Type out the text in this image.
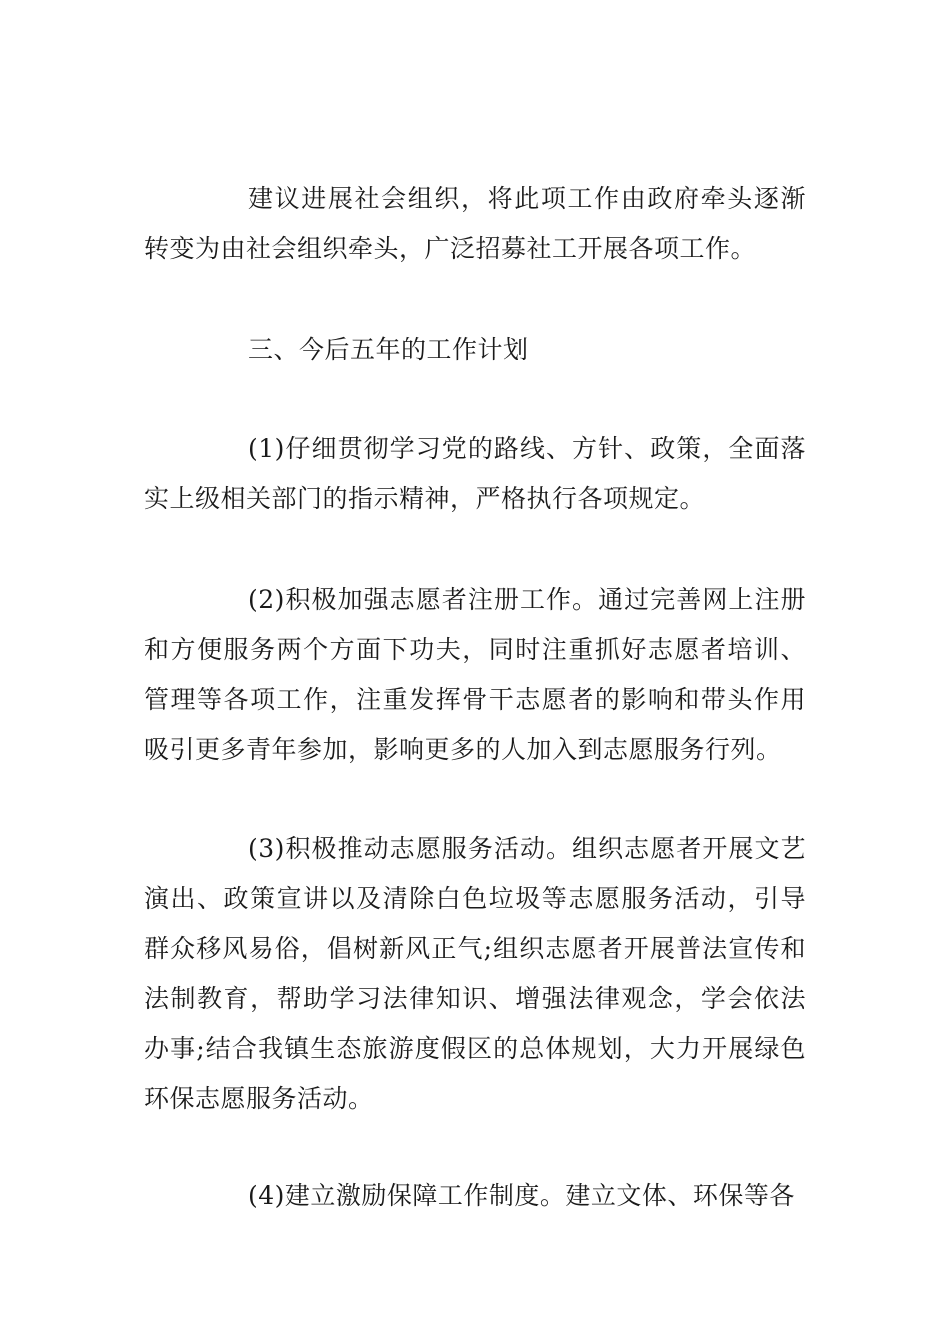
建议进展社会组织，将此项工作由政府牵头逐渐转变为由社会组织牵头，广泛招募社工开展各项工作。

三、今后五年的工作计划

(1)仔细贯彻学习党的路线、方针、政策，全面落实上级相关部门的指示精神，严格执行各项规定。

(2)积极加强志愿者注册工作。通过完善网上注册和方便服务两个方面下功夫，同时注重抓好志愿者培训、管理等各项工作，注重发挥骨干志愿者的影响和带头作用吸引更多青年参加，影响更多的人加入到志愿服务行列。

(3)积极推动志愿服务活动。组织志愿者开展文艺演出、政策宣讲以及清除白色垃圾等志愿服务活动，引导群众移风易俗，倡树新风正气;组织志愿者开展普法宣传和法制教育，帮助学习法律知识、增强法律观念，学会依法办事;结合我镇生态旅游度假区的总体规划，大力开展绿色环保志愿服务活动。

(4)建立激励保障工作制度。建立文体、环保等各
